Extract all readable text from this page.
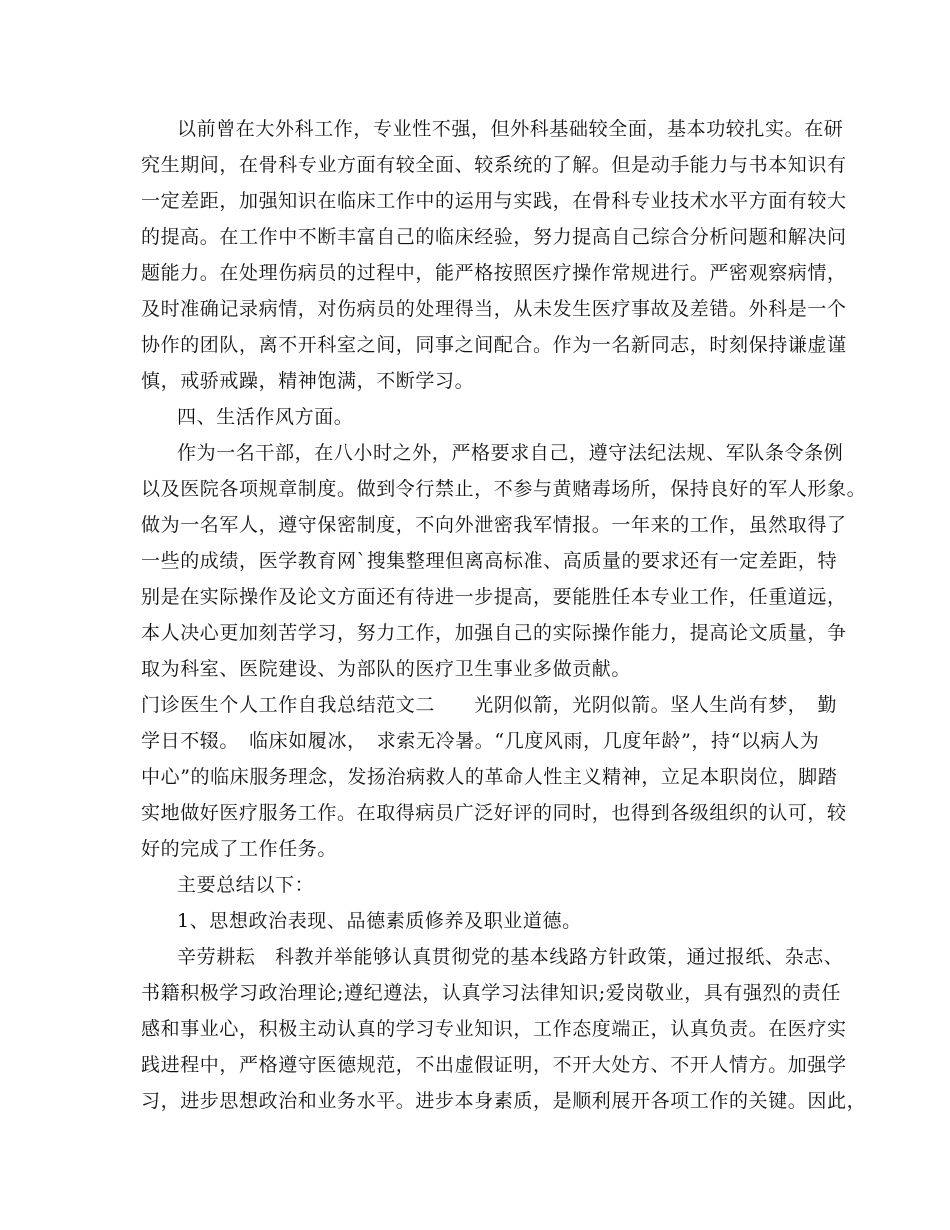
以前曾在大外科工作，专业性不强，但外科基础较全面，基本功较扎实。在研
究生期间，在骨科专业方面有较全面、较系统的了解。但是动手能力与书本知识有
一定差距，加强知识在临床工作中的运用与实践，在骨科专业技术水平方面有较大
的提高。在工作中不断丰富自己的临床经验，努力提高自己综合分析问题和解决问
题能力。在处理伤病员的过程中，能严格按照医疗操作常规进行。严密观察病情，
及时准确记录病情，对伤病员的处理得当，从未发生医疗事故及差错。外科是一个
协作的团队，离不开科室之间，同事之间配合。作为一名新同志，时刻保持谦虚谨
慎，戒骄戒躁，精神饱满，不断学习。
四、生活作风方面。
作为一名干部，在八小时之外，严格要求自己，遵守法纪法规、军队条令条例
以及医院各项规章制度。做到令行禁止，不参与黄赌毒场所，保持良好的军人形象。
做为一名军人，遵守保密制度，不向外泄密我军情报。一年来的工作，虽然取得了
一些的成绩，医学教育网`搜集整理但离高标准、高质量的要求还有一定差距，特
别是在实际操作及论文方面还有待进一步提高，要能胜任本专业工作，任重道远，
本人决心更加刻苦学习，努力工作，加强自己的实际操作能力，提高论文质量，争
取为科室、医院建设、为部队的医疗卫生事业多做贡献。
门诊医生个人工作自我总结范文二　　光阴似箭，光阴似箭。坚人生尚有梦，　勤
学日不辍。　临床如履冰，　求索无冷暑。“几度风雨，几度年龄”，持“以病人为
中心”的临床服务理念，发扬治病救人的革命人性主义精神，立足本职岗位，脚踏
实地做好医疗服务工作。在取得病员广泛好评的同时，也得到各级组织的认可，较
好的完成了工作任务。
主要总结以下：
1、思想政治表现、品德素质修养及职业道德。
辛劳耕耘　科教并举能够认真贯彻党的基本线路方针政策，通过报纸、杂志、
书籍积极学习政治理论;遵纪遵法，认真学习法律知识;爱岗敬业，具有强烈的责任
感和事业心，积极主动认真的学习专业知识，工作态度端正，认真负责。在医疗实
践进程中，严格遵守医德规范，不出虚假证明，不开大处方、不开人情方。加强学
习，进步思想政治和业务水平。进步本身素质，是顺利展开各项工作的关键。因此，
